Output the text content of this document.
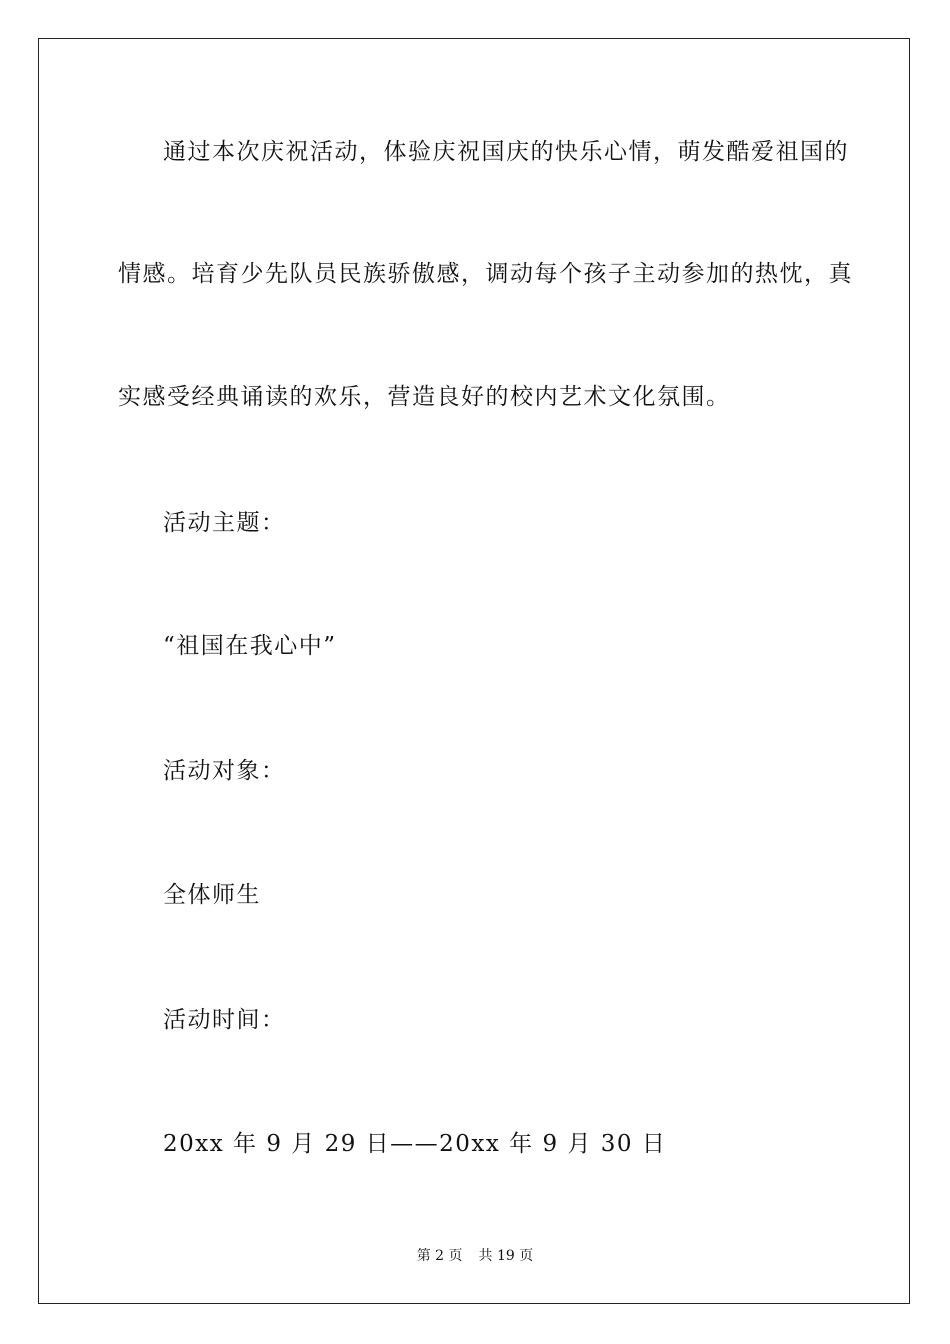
通过本次庆祝活动，体验庆祝国庆的快乐心情，萌发酷爱祖国的
情感。培育少先队员民族骄傲感，调动每个孩子主动参加的热忱，真
实感受经典诵读的欢乐，营造良好的校内艺术文化氛围。
活动主题：
“祖国在我心中”
活动对象：
全体师生
活动时间：
20xx 年 9 月 29 日——20xx 年 9 月 30 日
第 2 页 共 19 页
